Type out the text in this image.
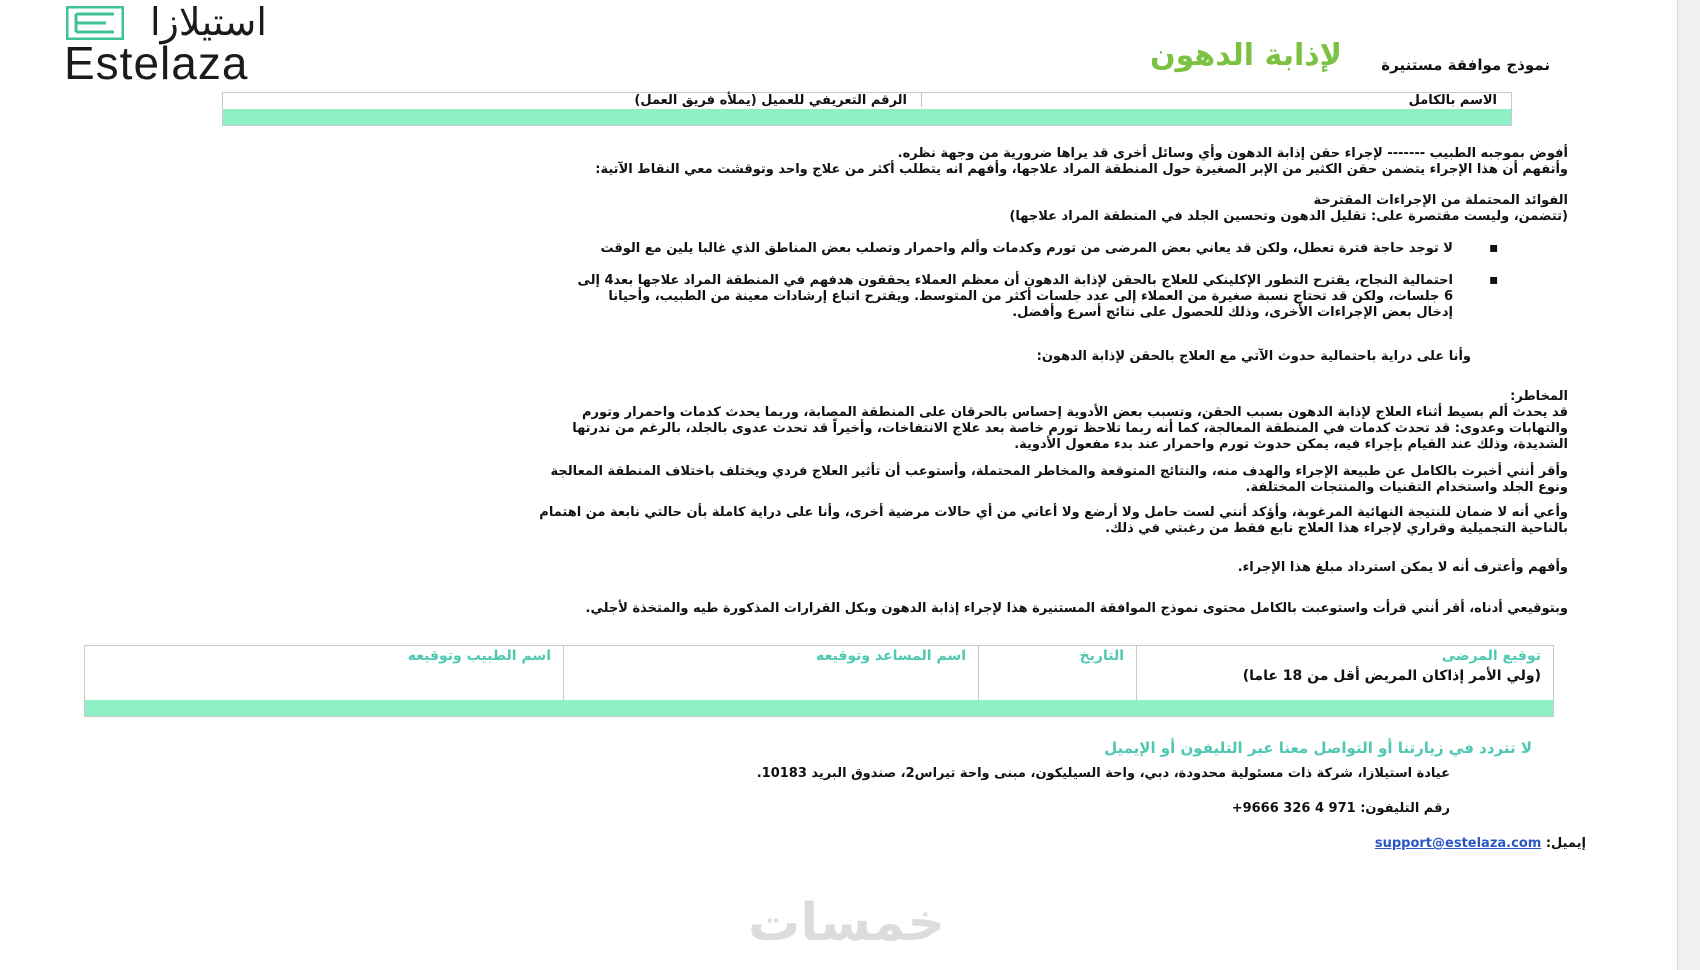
استيلازا
Estelaza	لإذابة الدهون	نموذج موافقة مستنيرة
الاسم بالكامل
الرقم التعريفي للعميل (يملأه فريق العمل)
أفوض بموجبه الطبيب ------- لإجراء حقن إذابة الدهون وأي وسائل أخرى قد يراها ضرورية من وجهة نظره.
وأتفهم أن هذا الإجراء يتضمن حقن الكثير من الإبر الصغيرة حول المنطقة المراد علاجها، وأفهم انه يتطلب أكثر من علاج واحد وتوقشت معي النقاط الآتية:
الفوائد المحتملة من الإجراءات المقترحة
(تتضمن، وليست مقتصرة على: تقليل الدهون وتحسين الجلد في المنطقة المراد علاجها)
▪
لا توجد حاجة فترة تعطل، ولكن قد يعاني بعض المرضى من تورم وكدمات وألم واحمرار وتصلب بعض المناطق الذي غالبا يلين مع الوقت
▪
احتمالية النجاح، يقترح التطور الإكلينكي للعلاج بالحقن لإذابة الدهون أن معظم العملاء يحققون هدفهم في المنطقة المراد علاجها بعد4 إلى
6 جلسات، ولكن قد تحتاج نسبة صغيرة من العملاء إلى عدد جلسات أكثر من المتوسط. ويقترح اتباع إرشادات معينة من الطبيب، وأحيانا
إدخال بعض الإجراءات الأخرى، وذلك للحصول على نتائج أسرع وأفضل.
وأنا على دراية باحتمالية حدوث الآتي مع العلاج بالحقن لإذابة الدهون:
المخاطر:
قد يحدث ألم بسيط أثناء العلاج لإذابة الدهون بسبب الحقن، وتسبب بعض الأدوية إحساس بالحرقان على المنطقة المصابة، وربما يحدث كدمات واحمرار وتورم
والتهابات وعدوى: قد تحدث كدمات في المنطقة المعالجة، كما أنه ربما تلاحظ تورم خاصة بعد علاج الانتفاخات، وأخيراً قد تحدث عدوى بالجلد، بالرغم من ندرتها
الشديدة، وذلك عند القيام بإجراء فيه، يمكن حدوث تورم واحمرار عند بدء مفعول الأدوية.
وأقر أنني أخبرت بالكامل عن طبيعة الإجراء والهدف منه، والنتائج المتوقعة والمخاطر المحتملة، وأستوعب أن تأثير العلاج فردي ويختلف باختلاف المنطقة المعالجة
ونوع الجلد واستخدام التقنيات والمنتجات المختلفة.
وأعي أنه لا ضمان للنتيجة النهائية المرغوبة، وأؤكد أنني لست حامل ولا أرضع ولا أعاني من أي حالات مرضية أخرى، وأنا على دراية كاملة بأن حالتي نابعة من اهتمام
بالناحية التجميلية وقراري لإجراء هذا العلاج نابع فقط من رغبتي في ذلك.
وأفهم وأعترف أنه لا يمكن استرداد مبلغ هذا الإجراء.
وبتوقيعي أدناه، أقر أنني قرأت واستوعبت بالكامل محتوى نموذج الموافقة المستنيرة هذا لإجراء إذابة الدهون وبكل القرارات المذكورة طيه والمتخذة لأجلي.
توقيع المرضى
(ولي الأمر إذاكان المريض أقل من 18 عاما)
التاريخ
اسم المساعد وتوقيعه
اسم الطبيب وتوقيعه
لا تتردد في زيارتنا أو التواصل معنا عبر التليفون أو الإيميل
عيادة استيلازا، شركة ذات مسئولية محدودة، دبي، واحة السيليكون، مبنى واحة تيراس2، صندوق البريد 10183.
رقم التليفون: +9666 326 4 971
إيميل: support@estelaza.com
خمسات
